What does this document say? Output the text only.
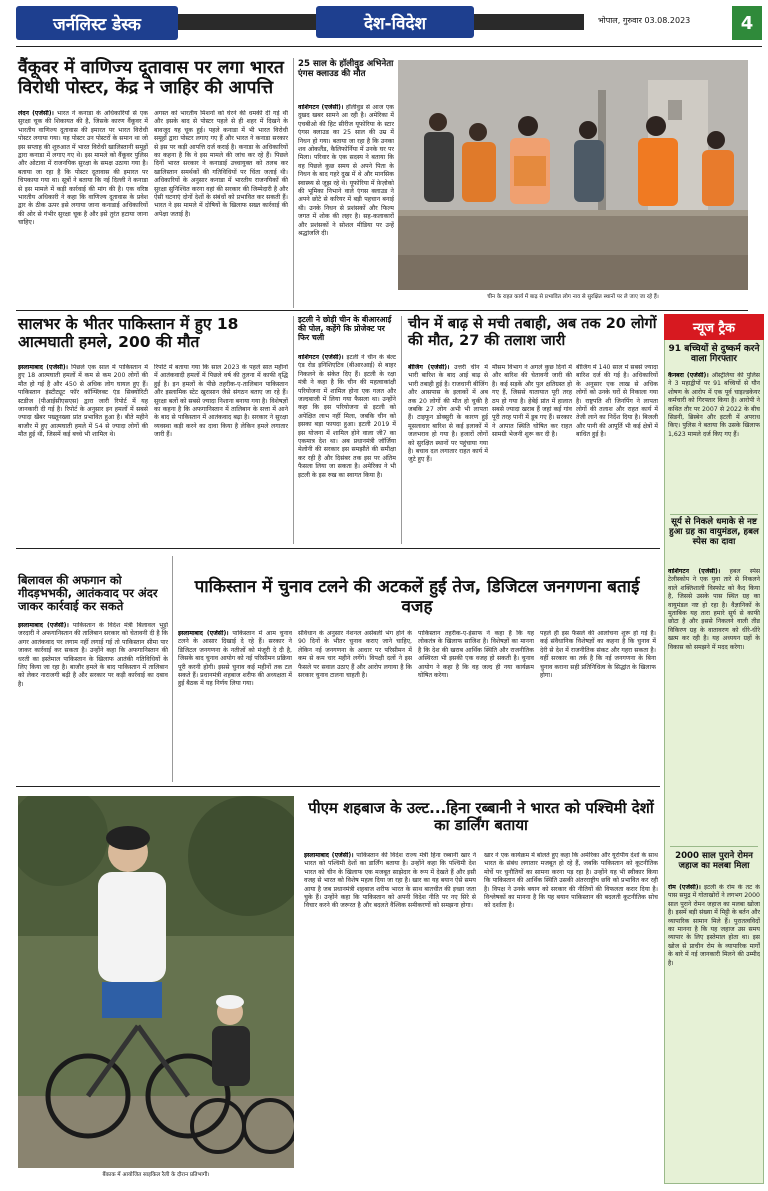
जर्नलिस्ट डेस्क	देश-विदेश	भोपाल, गुरुवार 03.08.2023	4
वैंकूवर में वाणिज्य दूतावास पर लगा भारत विरोधी पोस्टर, केंद्र ने जाहिर की आपत्ति
लंदन (एजेंसी)। भारत ने कनाडा के अधिकारियों से एक सुरक्षा चूक की शिकायत की है, जिसके कारण वैंकूवर में भारतीय वाणिज्य दूतावास की इमारत पर भारत विरोधी पोस्टर लगाया गया। यह पोस्टर उन पोस्टरों के समान था जो इस सप्ताह की शुरुआत में भारत विरोधी खालिस्तानी समूहों द्वारा कनाडा में लगाए गए थे। इस मामले को वैंकूवर पुलिस और ओटावा में राजनयिक सुरक्षा के समक्ष उठाया गया है। बताया जा रहा है कि पोस्टर दूतावास की इमारत पर चिपकाया गया था। सूत्रों ने बताया कि नई दिल्ली ने कनाडा से इस मामले में कड़ी कार्रवाई की मांग की है। एक वरिष्ठ भारतीय अधिकारी ने कहा कि वाणिज्य दूतावास के प्रवेश द्वार के ठीक ऊपर इसे लगाया जाना कनाडाई अधिकारियों की ओर से गंभीर सुरक्षा चूक है और इसे तुरंत हटाया जाना चाहिए।
अगस्त को भारतीय मिशनों को घेरने की धमकी दी गई थी और इसके बाद से पोस्टर पहले से ही शहर में दिखने के बावजूद यह चूक हुई। पहले कनाडा में भी भारत विरोधी समूहों द्वारा पोस्टर लगाए गए हैं और भारत ने कनाडा सरकार से इस पर कड़ी आपत्ति दर्ज कराई है। कनाडा के अधिकारियों का कहना है कि वे इस मामले की जांच कर रहे हैं। पिछले दिनों भारत सरकार ने कनाडाई उच्चायुक्त को तलब कर खालिस्तान समर्थकों की गतिविधियों पर चिंता जताई थी। अधिकारियों के अनुसार कनाडा में भारतीय राजनयिकों की सुरक्षा सुनिश्चित करना वहां की सरकार की जिम्मेदारी है और ऐसी घटनाएं दोनों देशों के संबंधों को प्रभावित कर सकती हैं। भारत ने इस मामले में दोषियों के खिलाफ सख्त कार्रवाई की अपेक्षा जताई है।
25 साल के हॉलीवुड अभिनेता एंगस क्लाउड की मौत
वाशिंगटन (एजेंसी)। हॉलीवुड से आज एक दुखद खबर सामने आ रही है। अमेरिका में एचबीओ की हिट सीरीज यूफोरिया के स्टार एंगस क्लाउड का 25 साल की उम्र में निधन हो गया। बताया जा रहा है कि उनका शव ओकलैंड, कैलिफोर्निया में उनके घर पर मिला। परिवार के एक सदस्य ने बताया कि वह पिछले कुछ समय से अपने पिता के निधन के बाद गहरे दुख में थे और मानसिक स्वास्थ्य से जूझ रहे थे। यूफोरिया में फ़ेज़ोको की भूमिका निभाने वाले एंगस क्लाउड ने अपने छोटे से करियर में बड़ी पहचान बनाई थी। उनके निधन से प्रशंसकों और फिल्म जगत में शोक की लहर है। सह-कलाकारों और प्रशंसकों ने सोशल मीडिया पर उन्हें श्रद्धांजलि दी।
चीन के राहत कार्य में बाढ़ से प्रभावित लोग नाव से सुरक्षित स्थानों पर ले जाए जा रहे हैं।
सालभर के भीतर पाकिस्तान में हुए 18 आत्मघाती हमले, 200 की मौत
इस्लामाबाद (एजेंसी)। पिछले एक साल में पाकिस्तान में हुए 18 आत्मघाती हमलों में कम से कम 200 लोगों की मौत हो गई है और 450 से अधिक लोग घायल हुए हैं। पाकिस्तान इंस्टीट्यूट फॉर कॉन्फ्लिक्ट एंड सिक्योरिटी स्टडीज (पीआईसीएसएस) द्वारा जारी रिपोर्ट में यह जानकारी दी गई है। रिपोर्ट के अनुसार इन हमलों में सबसे ज्यादा खैबर पख्तूनख्वा प्रांत प्रभावित हुआ है। बीते महीने बाजौर में हुए आत्मघाती हमले में 54 से ज्यादा लोगों की मौत हुई थी, जिसमें कई बच्चे भी शामिल थे।
रिपोर्ट में बताया गया कि साल 2023 के पहले सात महीनों में आतंकवादी हमलों में पिछले वर्ष की तुलना में काफी वृद्धि हुई है। इन हमलों के पीछे तहरीक-ए-तालिबान पाकिस्तान और इस्लामिक स्टेट खुरासान जैसे संगठन बताए जा रहे हैं। सुरक्षा बलों को सबसे ज्यादा निशाना बनाया गया है। विशेषज्ञों का कहना है कि अफगानिस्तान में तालिबान के सत्ता में आने के बाद से पाकिस्तान में आतंकवाद बढ़ा है। सरकार ने सुरक्षा व्यवस्था कड़ी करने का दावा किया है लेकिन हमले लगातार जारी हैं।
इटली ने छोड़ी चीन के बीआरआई की पोल, कहेंगे कि प्रोजेक्ट पर फिर चली
वाशिंगटन (एजेंसी)। इटली ने चीन के बेल्ट एंड रोड इनिशिएटिव (बीआरआई) से बाहर निकलने के संकेत दिए हैं। इटली के रक्षा मंत्री ने कहा है कि चीन की महत्वाकांक्षी परियोजना में शामिल होना एक गलत और जल्दबाजी में लिया गया फैसला था। उन्होंने कहा कि इस परियोजना से इटली को अपेक्षित लाभ नहीं मिला, जबकि चीन को इसका बड़ा फायदा हुआ। इटली 2019 में इस योजना में शामिल होने वाला जी7 का एकमात्र देश था। अब प्रधानमंत्री जॉर्जिया मेलोनी की सरकार इस समझौते की समीक्षा कर रही है और दिसंबर तक इस पर अंतिम फैसला लिया जा सकता है। अमेरिका ने भी इटली के इस रुख का स्वागत किया है।
चीन में बाढ़ से मची तबाही, अब तक 20 लोगों की मौत, 27 की तलाश जारी
बीजिंग (एजेंसी)। उत्तरी चीन में भारी बारिश के बाद आई बाढ़ से भारी तबाही हुई है। राजधानी बीजिंग और आसपास के इलाकों में अब तक 20 लोगों की मौत हो चुकी है जबकि 27 लोग अभी भी लापता हैं। टाइफून डोक्सुरी के कारण हुई मूसलाधार बारिश से कई इलाकों में जलभराव हो गया है। हजारों लोगों को सुरक्षित स्थानों पर पहुंचाया गया है। बचाव दल लगातार राहत कार्य में जुटे हुए हैं।
मौसम विभाग ने अगले कुछ दिनों में और बारिश की चेतावनी जारी की है। कई सड़कें और पुल क्षतिग्रस्त हो गए हैं, जिससे यातायात पूरी तरह ठप हो गया है। हेबेई प्रांत में हालात सबसे ज्यादा खराब हैं जहां कई गांव पूरी तरह पानी में डूब गए हैं। सरकार ने आपात स्थिति घोषित कर राहत सामग्री भेजनी शुरू कर दी है।
बीजिंग में 140 साल में सबसे ज्यादा बारिश दर्ज की गई है। अधिकारियों के अनुसार एक लाख से अधिक लोगों को उनके घरों से निकाला गया है। राष्ट्रपति शी जिनपिंग ने लापता लोगों की तलाश और राहत कार्य में तेजी लाने का निर्देश दिया है। बिजली और पानी की आपूर्ति भी कई क्षेत्रों में बाधित हुई है।
न्यूज ट्रैक
91 बच्चियों से दुष्कर्म करने वाला गिरफ्तार
कैनबरा (एजेंसी)। ऑस्ट्रेलिया की पुलिस ने 3 महाद्वीपों पर 91 बच्चियों से यौन शोषण के आरोप में एक पूर्व चाइल्डकेयर कर्मचारी को गिरफ्तार किया है। आरोपी ने कथित तौर पर 2007 से 2022 के बीच सिडनी, ब्रिस्बेन और इटली में अपराध किए। पुलिस ने बताया कि उसके खिलाफ 1,623 मामले दर्ज किए गए हैं।
सूर्य से निकले धमाके से नष्ट हुआ ग्रह का वायुमंडल, हबल स्पेस का दावा
वाशिंगटन (एजेंसी)। हबल स्पेस टेलीस्कोप ने एक युवा तारे से निकलने वाले शक्तिशाली विस्फोट को कैद किया है, जिससे उसके पास स्थित ग्रह का वायुमंडल नष्ट हो रहा है। वैज्ञानिकों के मुताबिक यह तारा हमारे सूर्य से काफी छोटा है और इससे निकलने वाली तीव्र विकिरण ग्रह के वातावरण को धीरे-धीरे खत्म कर रही है। यह अध्ययन ग्रहों के विकास को समझने में मदद करेगा।
2000 साल पुराने रोमन जहाज का मलबा मिला
रोम (एजेंसी)। इटली के रोम के तट के पास समुद्र में गोताखोरों ने लगभग 2000 साल पुराने रोमन जहाज का मलबा खोजा है। इसमें बड़ी संख्या में मिट्टी के बर्तन और व्यापारिक सामान मिले हैं। पुरातत्वविदों का मानना है कि यह जहाज उस समय व्यापार के लिए इस्तेमाल होता था। इस खोज से प्राचीन रोम के व्यापारिक मार्गों के बारे में नई जानकारी मिलने की उम्मीद है।
बिलावल की अफगान को गीदड़भभकी, आतंकवाद पर अंदर जाकर कार्रवाई कर सकते
इस्लामाबाद (एजेंसी)। पाकिस्तान के विदेश मंत्री बिलावल भुट्टो जरदारी ने अफगानिस्तान की तालिबान सरकार को चेतावनी दी है कि अगर आतंकवाद पर लगाम नहीं लगाई गई तो पाकिस्तान सीमा पार जाकर कार्रवाई कर सकता है। उन्होंने कहा कि अफगानिस्तान की धरती का इस्तेमाल पाकिस्तान के खिलाफ आतंकी गतिविधियों के लिए किया जा रहा है। बाजौर हमले के बाद पाकिस्तान में तालिबान को लेकर नाराजगी बढ़ी है और सरकार पर कड़ी कार्रवाई का दबाव है।
पाकिस्तान में चुनाव टलने की अटकलें हुईं तेज, डिजिटल जनगणना बताई वजह
इस्लामाबाद (एजेंसी)। पाकिस्तान में आम चुनाव टलने के आसार दिखाई दे रहे हैं। सरकार ने डिजिटल जनगणना के नतीजों को मंजूरी दे दी है, जिसके बाद चुनाव आयोग को नई परिसीमन प्रक्रिया पूरी करनी होगी। इससे चुनाव कई महीनों तक टल सकते हैं। प्रधानमंत्री शहबाज शरीफ की अध्यक्षता में हुई बैठक में यह निर्णय लिया गया।
संविधान के अनुसार नेशनल असेंबली भंग होने के 90 दिनों के भीतर चुनाव कराए जाने चाहिए, लेकिन नई जनगणना के आधार पर परिसीमन में कम से कम चार महीने लगेंगे। विपक्षी दलों ने इस फैसले पर सवाल उठाए हैं और आरोप लगाया है कि सरकार चुनाव टालना चाहती है।
पाकिस्तान तहरीक-ए-इंसाफ ने कहा है कि यह लोकतंत्र के खिलाफ साजिश है। विशेषज्ञों का मानना है कि देश की खराब आर्थिक स्थिति और राजनीतिक अस्थिरता भी इसकी एक वजह हो सकती है। चुनाव आयोग ने कहा है कि वह जल्द ही नया कार्यक्रम घोषित करेगा।
पहले ही इस फैसले की आलोचना शुरू हो गई है। कई संवैधानिक विशेषज्ञों का कहना है कि चुनाव में देरी से देश में राजनीतिक संकट और गहरा सकता है। वहीं सरकार का तर्क है कि नई जनगणना के बिना चुनाव कराना सही प्रतिनिधित्व के सिद्धांत के खिलाफ होगा।
बैंकाक में आयोजित साइकिल रैली के दौरान प्रतिभागी।
पीएम शहबाज के उल्ट...हिना रब्बानी ने भारत को पश्चिमी देशों का डार्लिंग बताया
इस्लामाबाद (एजेंसी)। पाकिस्तान की विदेश राज्य मंत्री हिना रब्बानी खार ने भारत को पश्चिमी देशों का डार्लिंग बताया है। उन्होंने कहा कि पश्चिमी देश भारत को चीन के खिलाफ एक मजबूत साझेदार के रूप में देखते हैं और इसी वजह से भारत को विशेष महत्व दिया जा रहा है। खार का यह बयान ऐसे समय आया है जब प्रधानमंत्री शहबाज शरीफ भारत के साथ बातचीत की इच्छा जता चुके हैं। उन्होंने कहा कि पाकिस्तान को अपनी विदेश नीति पर नए सिरे से विचार करने की जरूरत है और बदलते वैश्विक समीकरणों को समझना होगा।
खार ने एक कार्यक्रम में बोलते हुए कहा कि अमेरिका और यूरोपीय देशों के साथ भारत के संबंध लगातार मजबूत हो रहे हैं, जबकि पाकिस्तान को कूटनीतिक मोर्चे पर चुनौतियों का सामना करना पड़ रहा है। उन्होंने यह भी स्वीकार किया कि पाकिस्तान की आर्थिक स्थिति उसकी अंतरराष्ट्रीय छवि को प्रभावित कर रही है। विपक्ष ने उनके बयान को सरकार की नीतियों की विफलता करार दिया है। विश्लेषकों का मानना है कि यह बयान पाकिस्तान की बदलती कूटनीतिक सोच को दर्शाता है।
